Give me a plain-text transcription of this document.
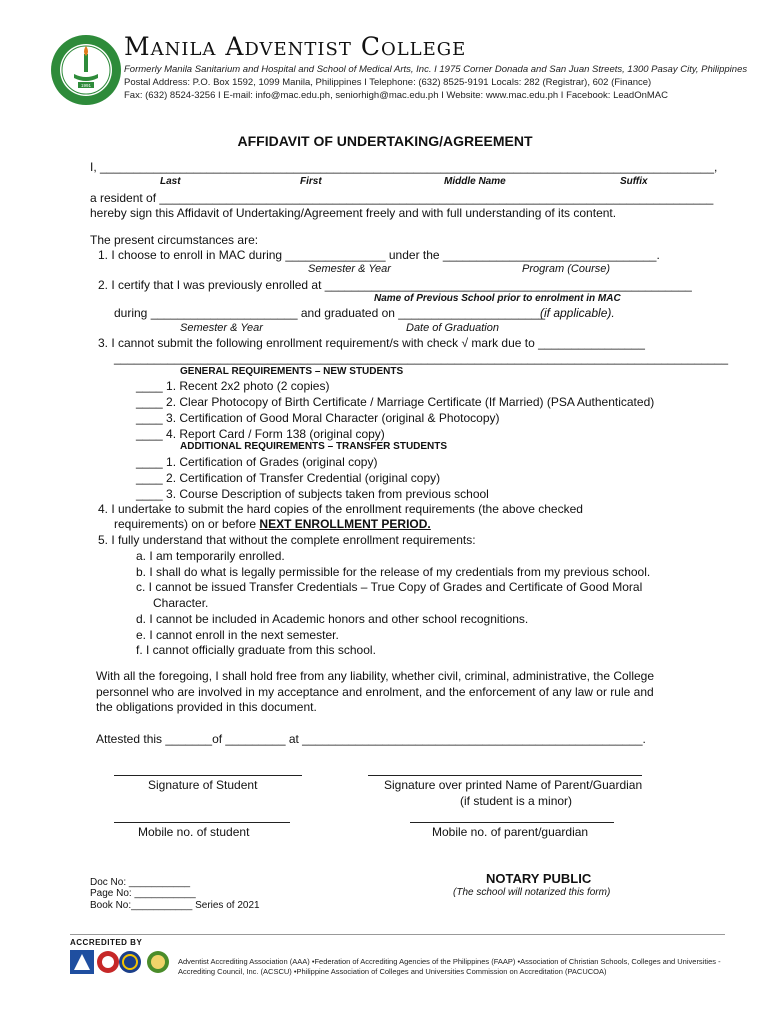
1991
Manila Adventist College
Formerly Manila Sanitarium and Hospital and School of Medical Arts, Inc. I 1975 Corner Donada and San Juan Streets, 1300 Pasay City, Philippines
Postal Address: P.O. Box 1592, 1099 Manila, Philippines I Telephone: (632) 8525-9191 Locals: 282 (Registrar), 602 (Finance)
Fax: (632) 8524-3256 I E-mail: info@mac.edu.ph, seniorhigh@mac.edu.ph I Website: www.mac.edu.ph I Facebook: LeadOnMAC
AFFIDAVIT OF UNDERTAKING/AGREEMENT
I, ____________________________________________________________________________________________,
Last	First	Middle Name	Suffix
a resident of ___________________________________________________________________________________
hereby sign this Affidavit of Undertaking/Agreement freely and with full understanding of its content.
The present circumstances are:
1. I choose to enroll in MAC during _______________ under the ________________________________.
Semester & Year	Program (Course)
2. I certify that I was previously enrolled at _______________________________________________________
Name of Previous School prior to enrolment in MAC
during ______________________ and graduated on ______________________
(if applicable).
Semester & Year	Date of Graduation
3. I cannot submit the following enrollment requirement/s with check √ mark due to ________________
____________________________________________________________________________________________
GENERAL REQUIREMENTS – NEW STUDENTS
____ 1. Recent 2x2 photo (2 copies)
____ 2. Clear Photocopy of Birth Certificate / Marriage Certificate (If Married) (PSA Authenticated)
____ 3. Certification of Good Moral Character (original & Photocopy)
____ 4. Report Card / Form 138 (original copy)
ADDITIONAL REQUIREMENTS – TRANSFER STUDENTS
____ 1. Certification of Grades (original copy)
____ 2. Certification of Transfer Credential (original copy)
____ 3. Course Description of subjects taken from previous school
4. I undertake to submit the hard copies of the enrollment requirements (the above checked
requirements) on or before NEXT ENROLLMENT PERIOD.
5. I fully understand that without the complete enrollment requirements:
a. I am temporarily enrolled.
b. I shall do what is legally permissible for the release of my credentials from my previous school.
c. I cannot be issued Transfer Credentials – True Copy of Grades and Certificate of Good Moral
Character.
d. I cannot be included in Academic honors and other school recognitions.
e. I cannot enroll in the next semester.
f. I cannot officially graduate from this school.
With all the foregoing, I shall hold free from any liability, whether civil, criminal, administrative, the College
personnel who are involved in my acceptance and enrolment, and the enforcement of any law or rule and
the obligations provided in this document.
Attested this _______of _________ at ___________________________________________________.
Signature of Student	Signature over printed Name of Parent/Guardian
(if student is a minor)
Mobile no. of student	Mobile no. of parent/guardian
Doc No: ___________
Page No: ___________
Book No:___________ Series of 2021
NOTARY PUBLIC
(The school will notarized this form)
ACCREDITED BY
Adventist Accrediting Association (AAA) •Federation of Accrediting Agencies of the Philippines (FAAP) •Association of Christian Schools, Colleges and Universities -
Accrediting Council, Inc. (ACSCU) •Philippine Association of Colleges and Universities Commission on Accreditation (PACUCOA)
